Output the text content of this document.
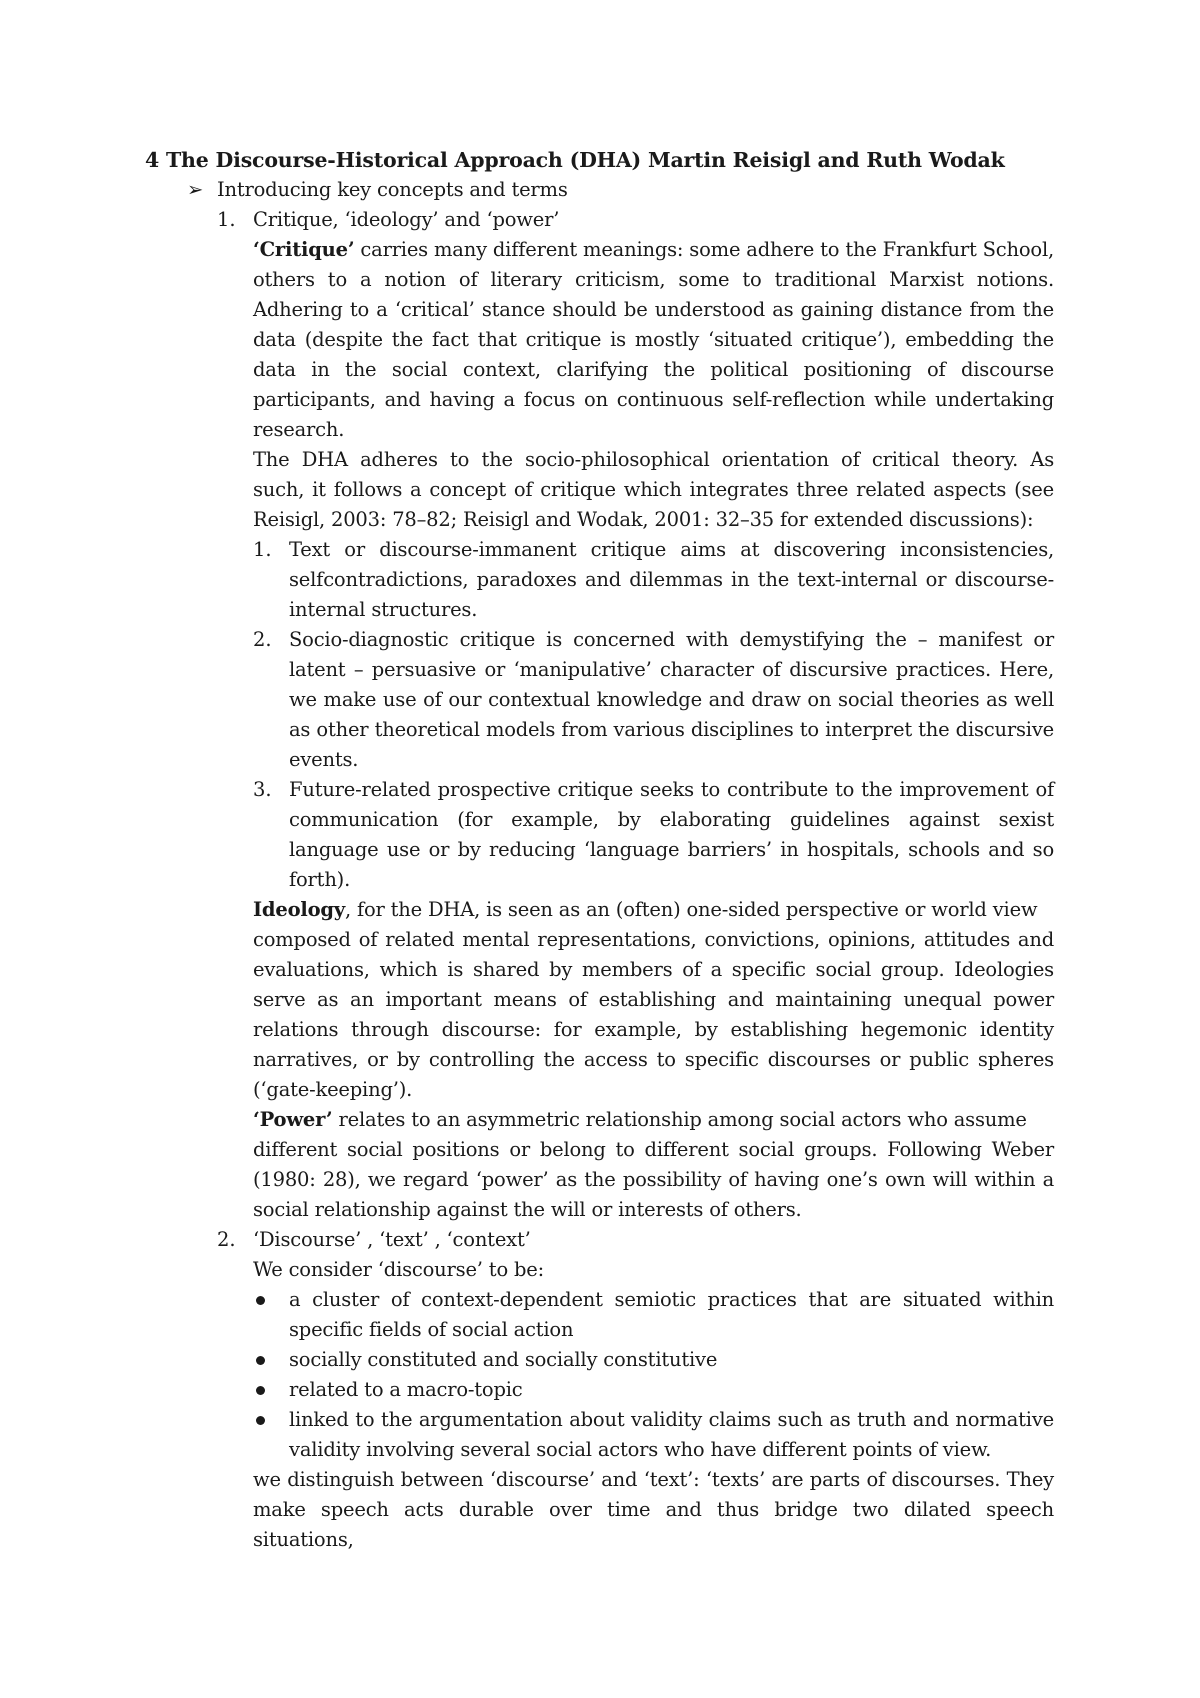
4 The Discourse-Historical Approach (DHA) Martin Reisigl and Ruth Wodak
➢ Introducing key concepts and terms
1. Critique, ‘ideology’ and ‘power’
‘Critique’ carries many different meanings: some adhere to the Frankfurt School,
others to a notion of literary criticism, some to traditional Marxist notions.
Adhering to a ‘critical’ stance should be understood as gaining distance from the
data (despite the fact that critique is mostly ‘situated critique’), embedding the
data in the social context, clarifying the political positioning of discourse
participants, and having a focus on continuous self-reflection while undertaking
research.
The DHA adheres to the socio-philosophical orientation of critical theory. As
such, it follows a concept of critique which integrates three related aspects (see
Reisigl, 2003: 78–82; Reisigl and Wodak, 2001: 32–35 for extended discussions):
1. Text or discourse-immanent critique aims at discovering inconsistencies,
selfcontradictions, paradoxes and dilemmas in the text-internal or discourse-
internal structures.
2. Socio-diagnostic critique is concerned with demystifying the – manifest or
latent – persuasive or ‘manipulative’ character of discursive practices. Here,
we make use of our contextual knowledge and draw on social theories as well
as other theoretical models from various disciplines to interpret the discursive
events.
3. Future-related prospective critique seeks to contribute to the improvement of
communication (for example, by elaborating guidelines against sexist
language use or by reducing ‘language barriers’ in hospitals, schools and so
forth).
Ideology, for the DHA, is seen as an (often) one-sided perspective or world view
composed of related mental representations, convictions, opinions, attitudes and
evaluations, which is shared by members of a specific social group. Ideologies
serve as an important means of establishing and maintaining unequal power
relations through discourse: for example, by establishing hegemonic identity
narratives, or by controlling the access to specific discourses or public spheres
(‘gate-keeping’).
‘Power’ relates to an asymmetric relationship among social actors who assume
different social positions or belong to different social groups. Following Weber
(1980: 28), we regard ‘power’ as the possibility of having one’s own will within a
social relationship against the will or interests of others.
2. ‘Discourse’ , ‘text’ , ‘context’
We consider ‘discourse’ to be:
a cluster of context-dependent semiotic practices that are situated within
specific fields of social action
socially constituted and socially constitutive
related to a macro-topic
linked to the argumentation about validity claims such as truth and normative
validity involving several social actors who have different points of view.
we distinguish between ‘discourse’ and ‘text’: ‘texts’ are parts of discourses. They
make speech acts durable over time and thus bridge two dilated speech situations,
